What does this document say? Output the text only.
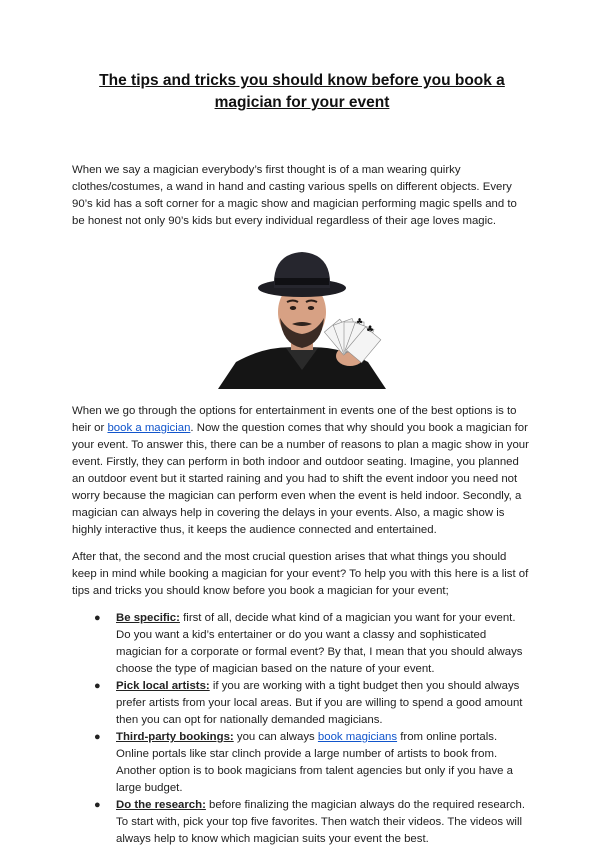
The tips and tricks you should know before you book a magician for your event

When we say a magician everybody’s first thought is of a man wearing quirky clothes/costumes, a wand in hand and casting various spells on different objects. Every 90’s kid has a soft corner for a magic show and magician performing magic spells and to be honest not only 90’s kids but every individual regardless of their age loves magic.

♣
♣

When we go through the options for entertainment in events one of the best options is to heir or book a magician. Now the question comes that why should you book a magician for your event. To answer this, there can be a number of reasons to plan a magic show in your event. Firstly, they can perform in both indoor and outdoor seating. Imagine, you planned an outdoor event but it started raining and you had to shift the event indoor you need not worry because the magician can perform even when the event is held indoor. Secondly, a magician can always help in covering the delays in your events. Also, a magic show is highly interactive thus, it keeps the audience connected and entertained.

After that, the second and the most crucial question arises that what things you should keep in mind while booking a magician for your event? To help you with this here is a list of tips and tricks you should know before you book a magician for your event;

● Be specific: first of all, decide what kind of a magician you want for your event. Do you want a kid’s entertainer or do you want a classy and sophisticated magician for a corporate or formal event? By that, I mean that you should always choose the type of magician based on the nature of your event.
● Pick local artists: if you are working with a tight budget then you should always prefer artists from your local areas. But if you are willing to spend a good amount then you can opt for nationally demanded magicians.
● Third-party bookings: you can always book magicians from online portals. Online portals like star clinch provide a large number of artists to book from. Another option is to book magicians from talent agencies but only if you have a large budget.
● Do the research: before finalizing the magician always do the required research. To start with, pick your top five favorites. Then watch their videos. The videos will always help to know which magician suits your event the best.
